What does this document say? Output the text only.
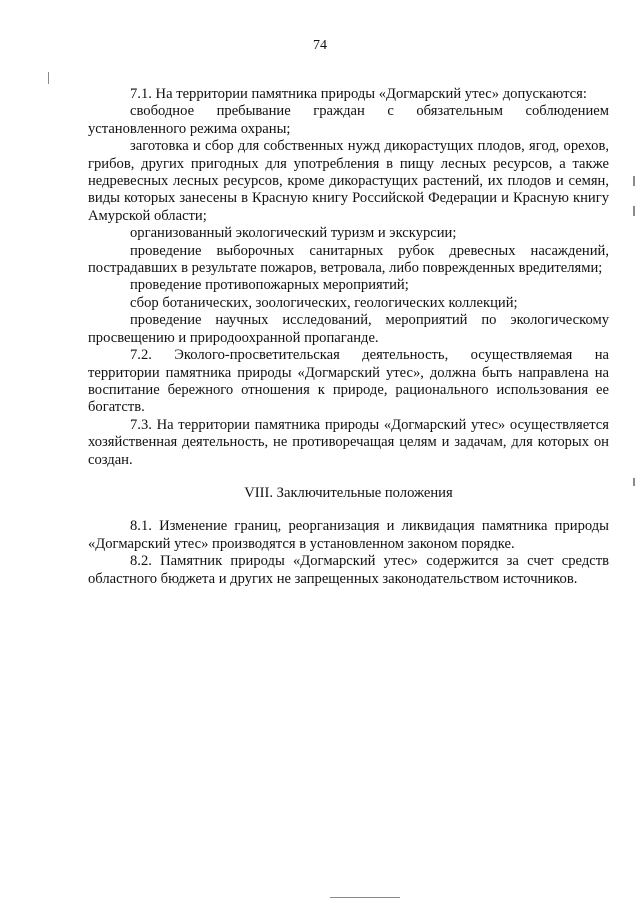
74

7.1. На территории памятника природы «Догмарский утес» допускаются:

свободное пребывание граждан с обязательным соблюдением установленного режима охраны;

заготовка и сбор для собственных нужд дикорастущих плодов, ягод, орехов, грибов, других пригодных для употребления в пищу лесных ресурсов, а также недревесных лесных ресурсов, кроме дикорастущих растений, их плодов и семян, виды которых занесены в Красную книгу Российской Федерации и Красную книгу Амурской области;

организованный экологический туризм и экскурсии;

проведение выборочных санитарных рубок древесных насаждений, пострадавших в результате пожаров, ветровала, либо поврежденных вредителями;

проведение противопожарных мероприятий;

сбор ботанических, зоологических, геологических коллекций;

проведение научных исследований, мероприятий по экологическому просвещению и природоохранной пропаганде.

7.2. Эколого-просветительская деятельность, осуществляемая на территории памятника природы «Догмарский утес», должна быть направлена на воспитание бережного отношения к природе, рационального использования ее богатств.

7.3. На территории памятника природы «Догмарский утес» осуществляется хозяйственная деятельность, не противоречащая целям и задачам, для которых он создан.

VIII. Заключительные положения

8.1. Изменение границ, реорганизация и ликвидация памятника природы «Догмарский утес» производятся в установленном законом порядке.

8.2. Памятник природы «Догмарский утес» содержится за счет средств областного бюджета и других не запрещенных законодательством источников.
